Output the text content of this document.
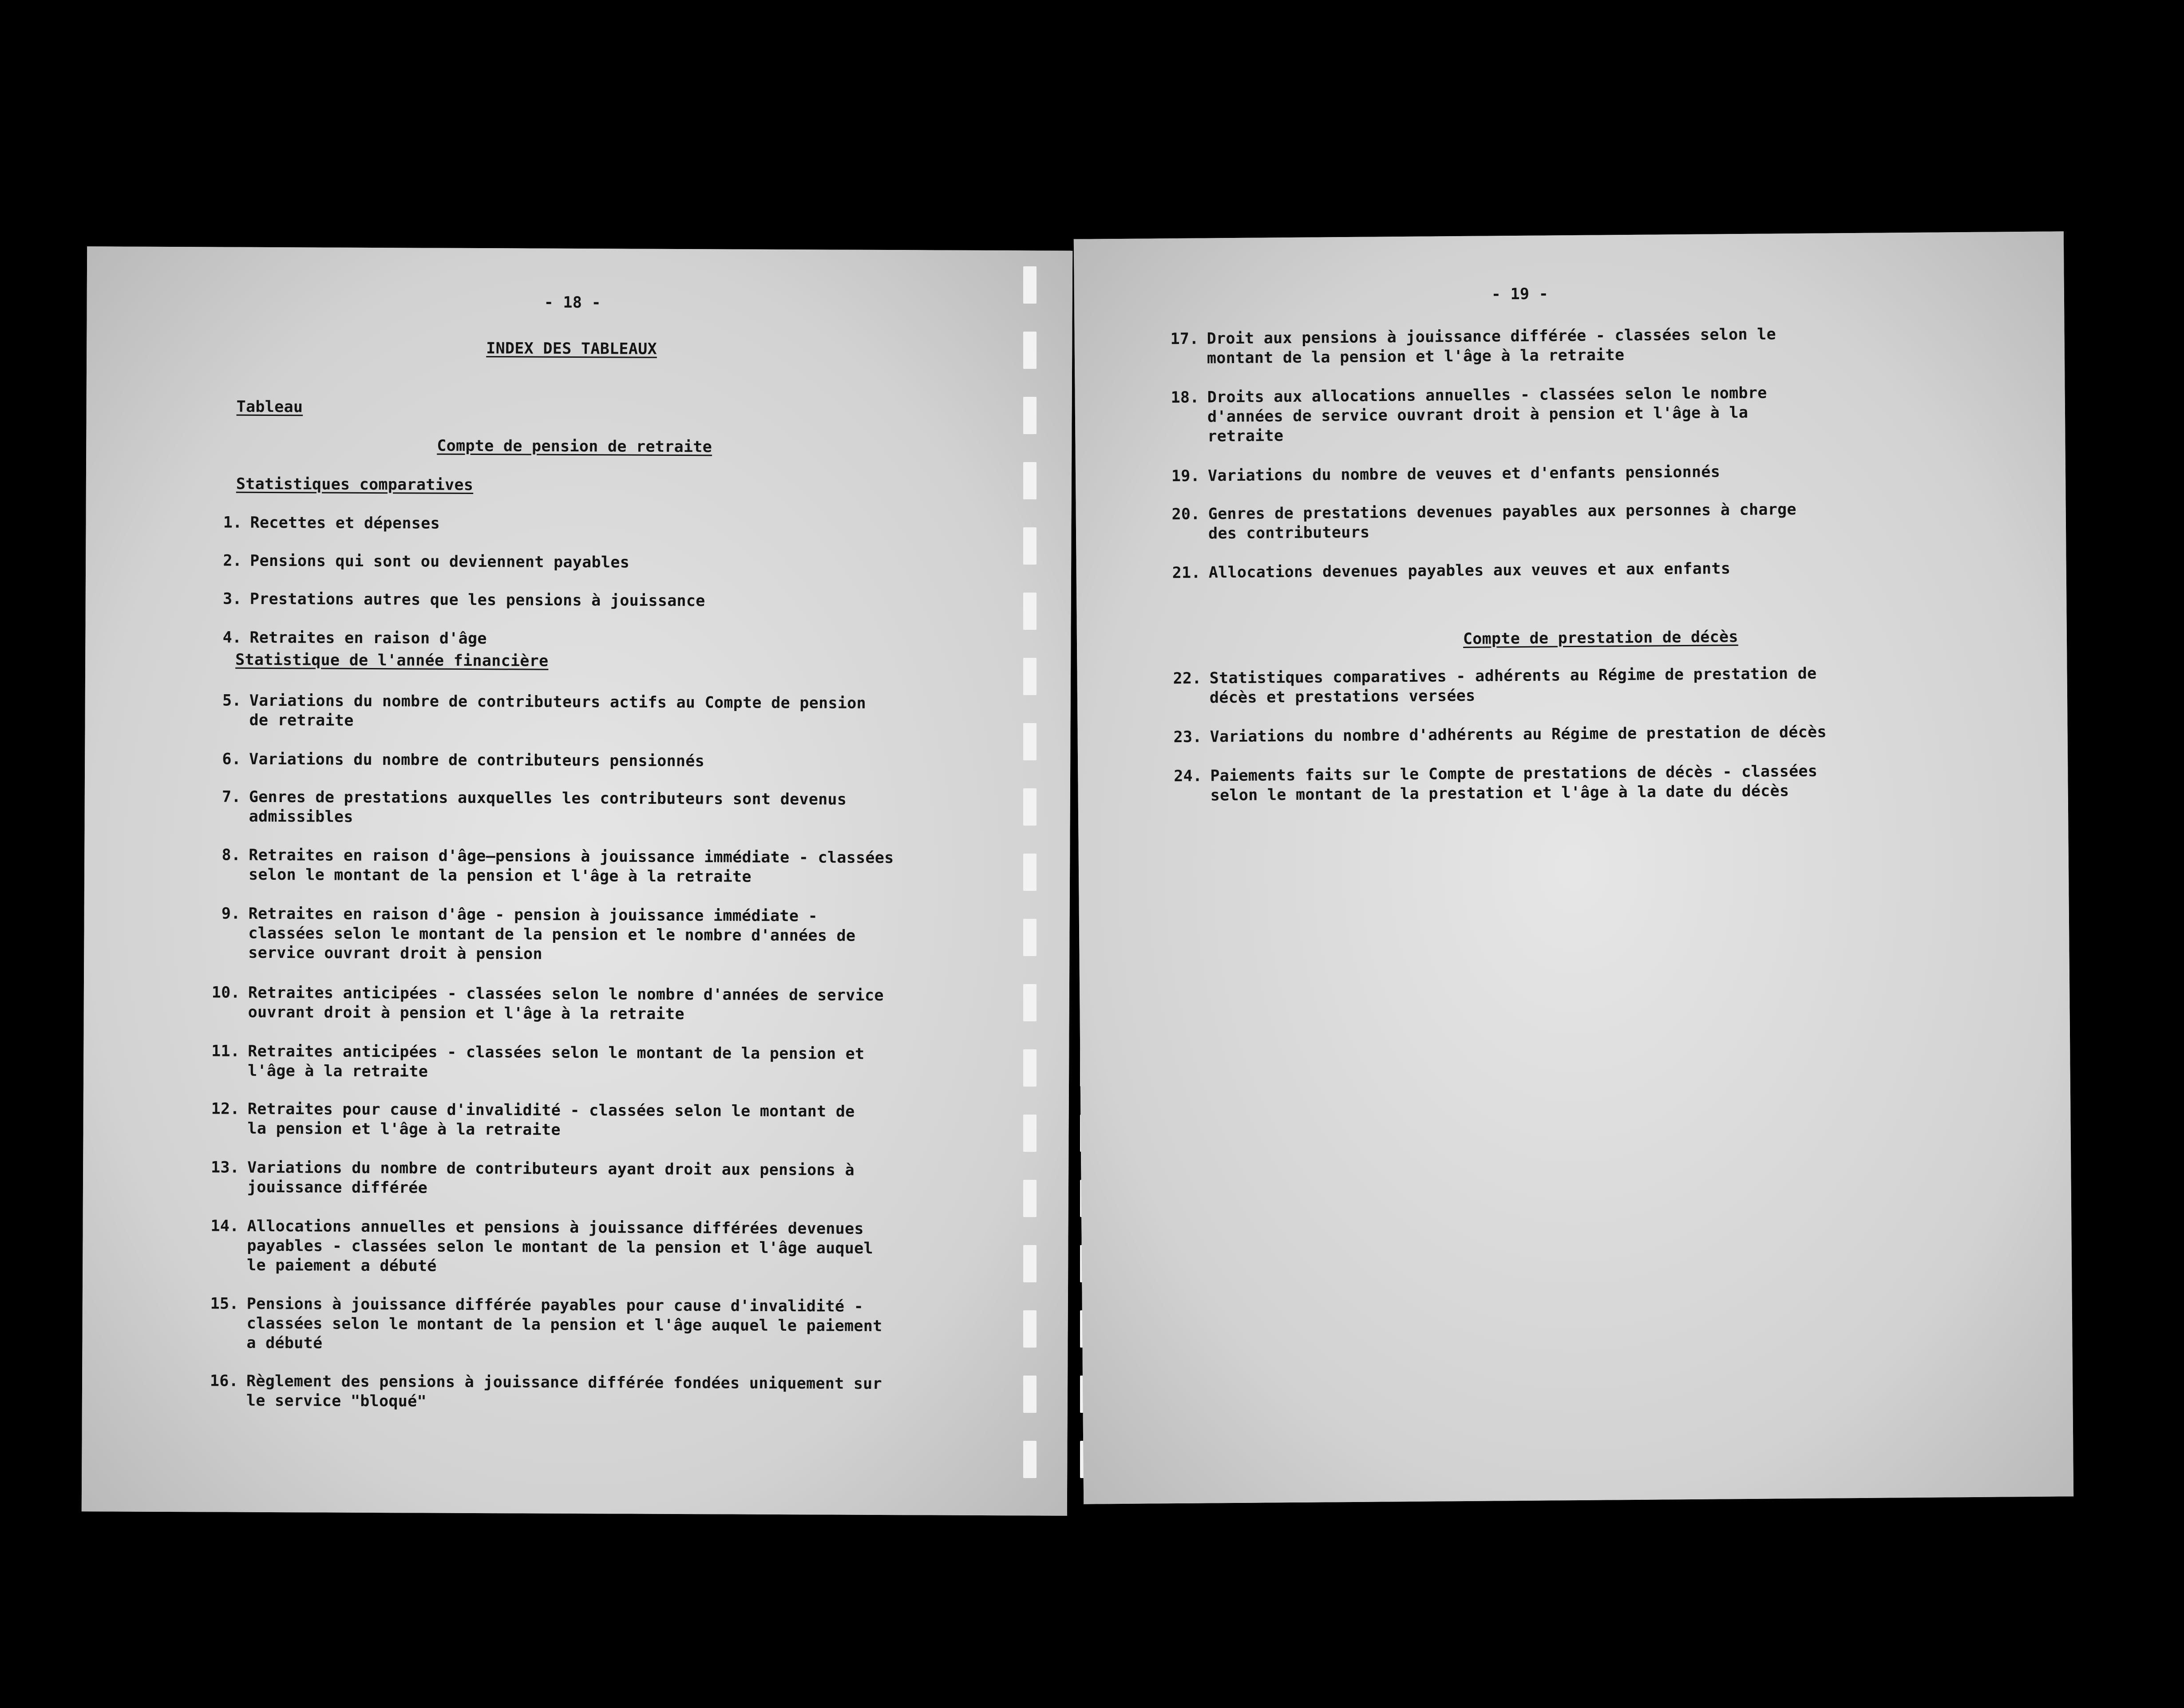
- 18 -
INDEX DES TABLEAUX
Tableau
Compte de pension de retraite
Statistiques comparatives
1. Recettes et dépenses
2. Pensions qui sont ou deviennent payables
3. Prestations autres que les pensions à jouissance
4. Retraites en raison d'âge
Statistique de l'année financière
5. Variations du nombre de contributeurs actifs au Compte de pension
de retraite
6. Variations du nombre de contributeurs pensionnés
7. Genres de prestations auxquelles les contributeurs sont devenus
admissibles
8. Retraites en raison d'âge—pensions à jouissance immédiate - classées
selon le montant de la pension et l'âge à la retraite
9. Retraites en raison d'âge - pension à jouissance immédiate -
classées selon le montant de la pension et le nombre d'années de
service ouvrant droit à pension
10. Retraites anticipées - classées selon le nombre d'années de service
ouvrant droit à pension et l'âge à la retraite
11. Retraites anticipées - classées selon le montant de la pension et
l'âge à la retraite
12. Retraites pour cause d'invalidité - classées selon le montant de
la pension et l'âge à la retraite
13. Variations du nombre de contributeurs ayant droit aux pensions à
jouissance différée
14. Allocations annuelles et pensions à jouissance différées devenues
payables - classées selon le montant de la pension et l'âge auquel
le paiement a débuté
15. Pensions à jouissance différée payables pour cause d'invalidité -
classées selon le montant de la pension et l'âge auquel le paiement
a débuté
16. Règlement des pensions à jouissance différée fondées uniquement sur
le service "bloqué"
- 19 -
17. Droit aux pensions à jouissance différée - classées selon le
montant de la pension et l'âge à la retraite
18. Droits aux allocations annuelles - classées selon le nombre
d'années de service ouvrant droit à pension et l'âge à la
retraite
19. Variations du nombre de veuves et d'enfants pensionnés
20. Genres de prestations devenues payables aux personnes à charge
des contributeurs
21. Allocations devenues payables aux veuves et aux enfants
Compte de prestation de décès
22. Statistiques comparatives - adhérents au Régime de prestation de
décès et prestations versées
23. Variations du nombre d'adhérents au Régime de prestation de décès
24. Paiements faits sur le Compte de prestations de décès - classées
selon le montant de la prestation et l'âge à la date du décès
